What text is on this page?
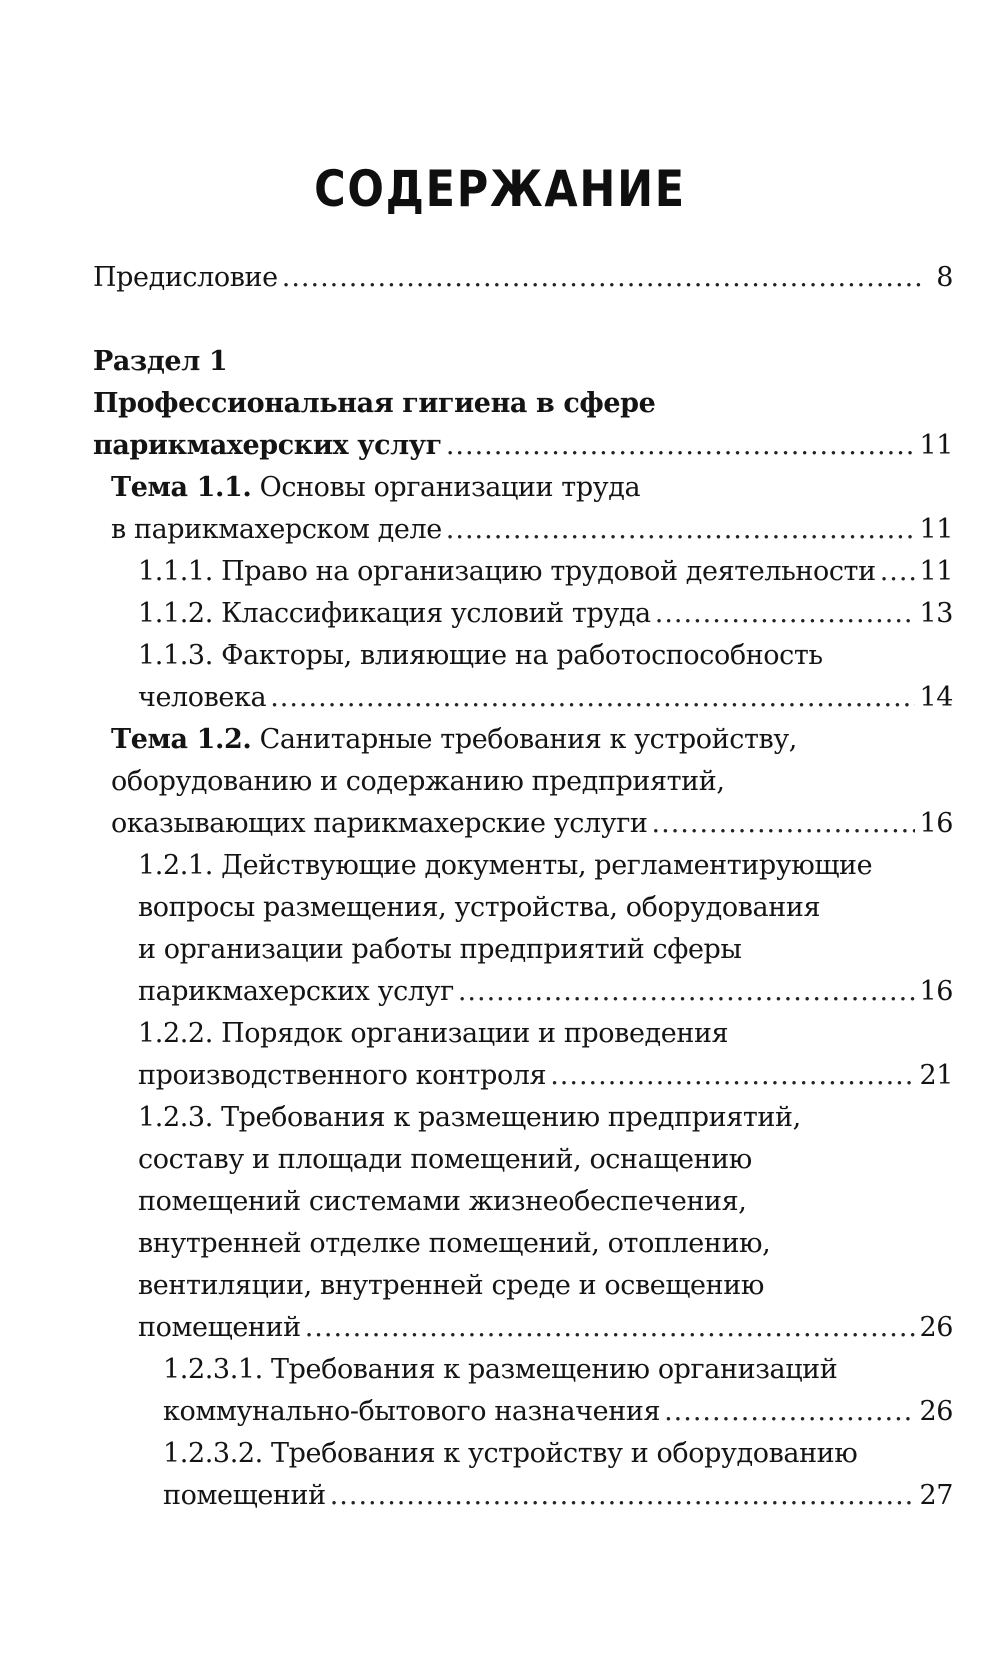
СОДЕРЖАНИЕ
Предисловие .....	8
Раздел 1
Профессиональная гигиена в сфере
парикмахерских услуг .....	11
Тема 1.1.
Основы организации труда
в парикмахерском деле .....	11
1.1.1. Право на организацию трудовой деятельности ..... 11
1.1.2. Классификация условий труда .....	13
1.1.3. Факторы, влияющие на работоспособность
человека .....	14
Тема 1.2.
Санитарные требования к устройству,
оборудованию и содержанию предприятий,
оказывающих парикмахерские услуги .....	16
1.2.1. Действующие документы, регламентирующие
вопросы размещения, устройства, оборудования
и организации работы предприятий сферы
парикмахерских услуг .....	16
1.2.2. Порядок организации и проведения
производственного контроля .....	21
1.2.3. Требования к размещению предприятий,
составу и площади помещений, оснащению
помещений системами жизнеобеспечения,
внутренней отделке помещений, отоплению,
вентиляции, внутренней среде и освещению
помещений .....	26
1.2.3.1. Требования к размещению организаций
коммунально-бытового назначения .....	26
1.2.3.2. Требования к устройству и оборудованию
помещений .....	27
